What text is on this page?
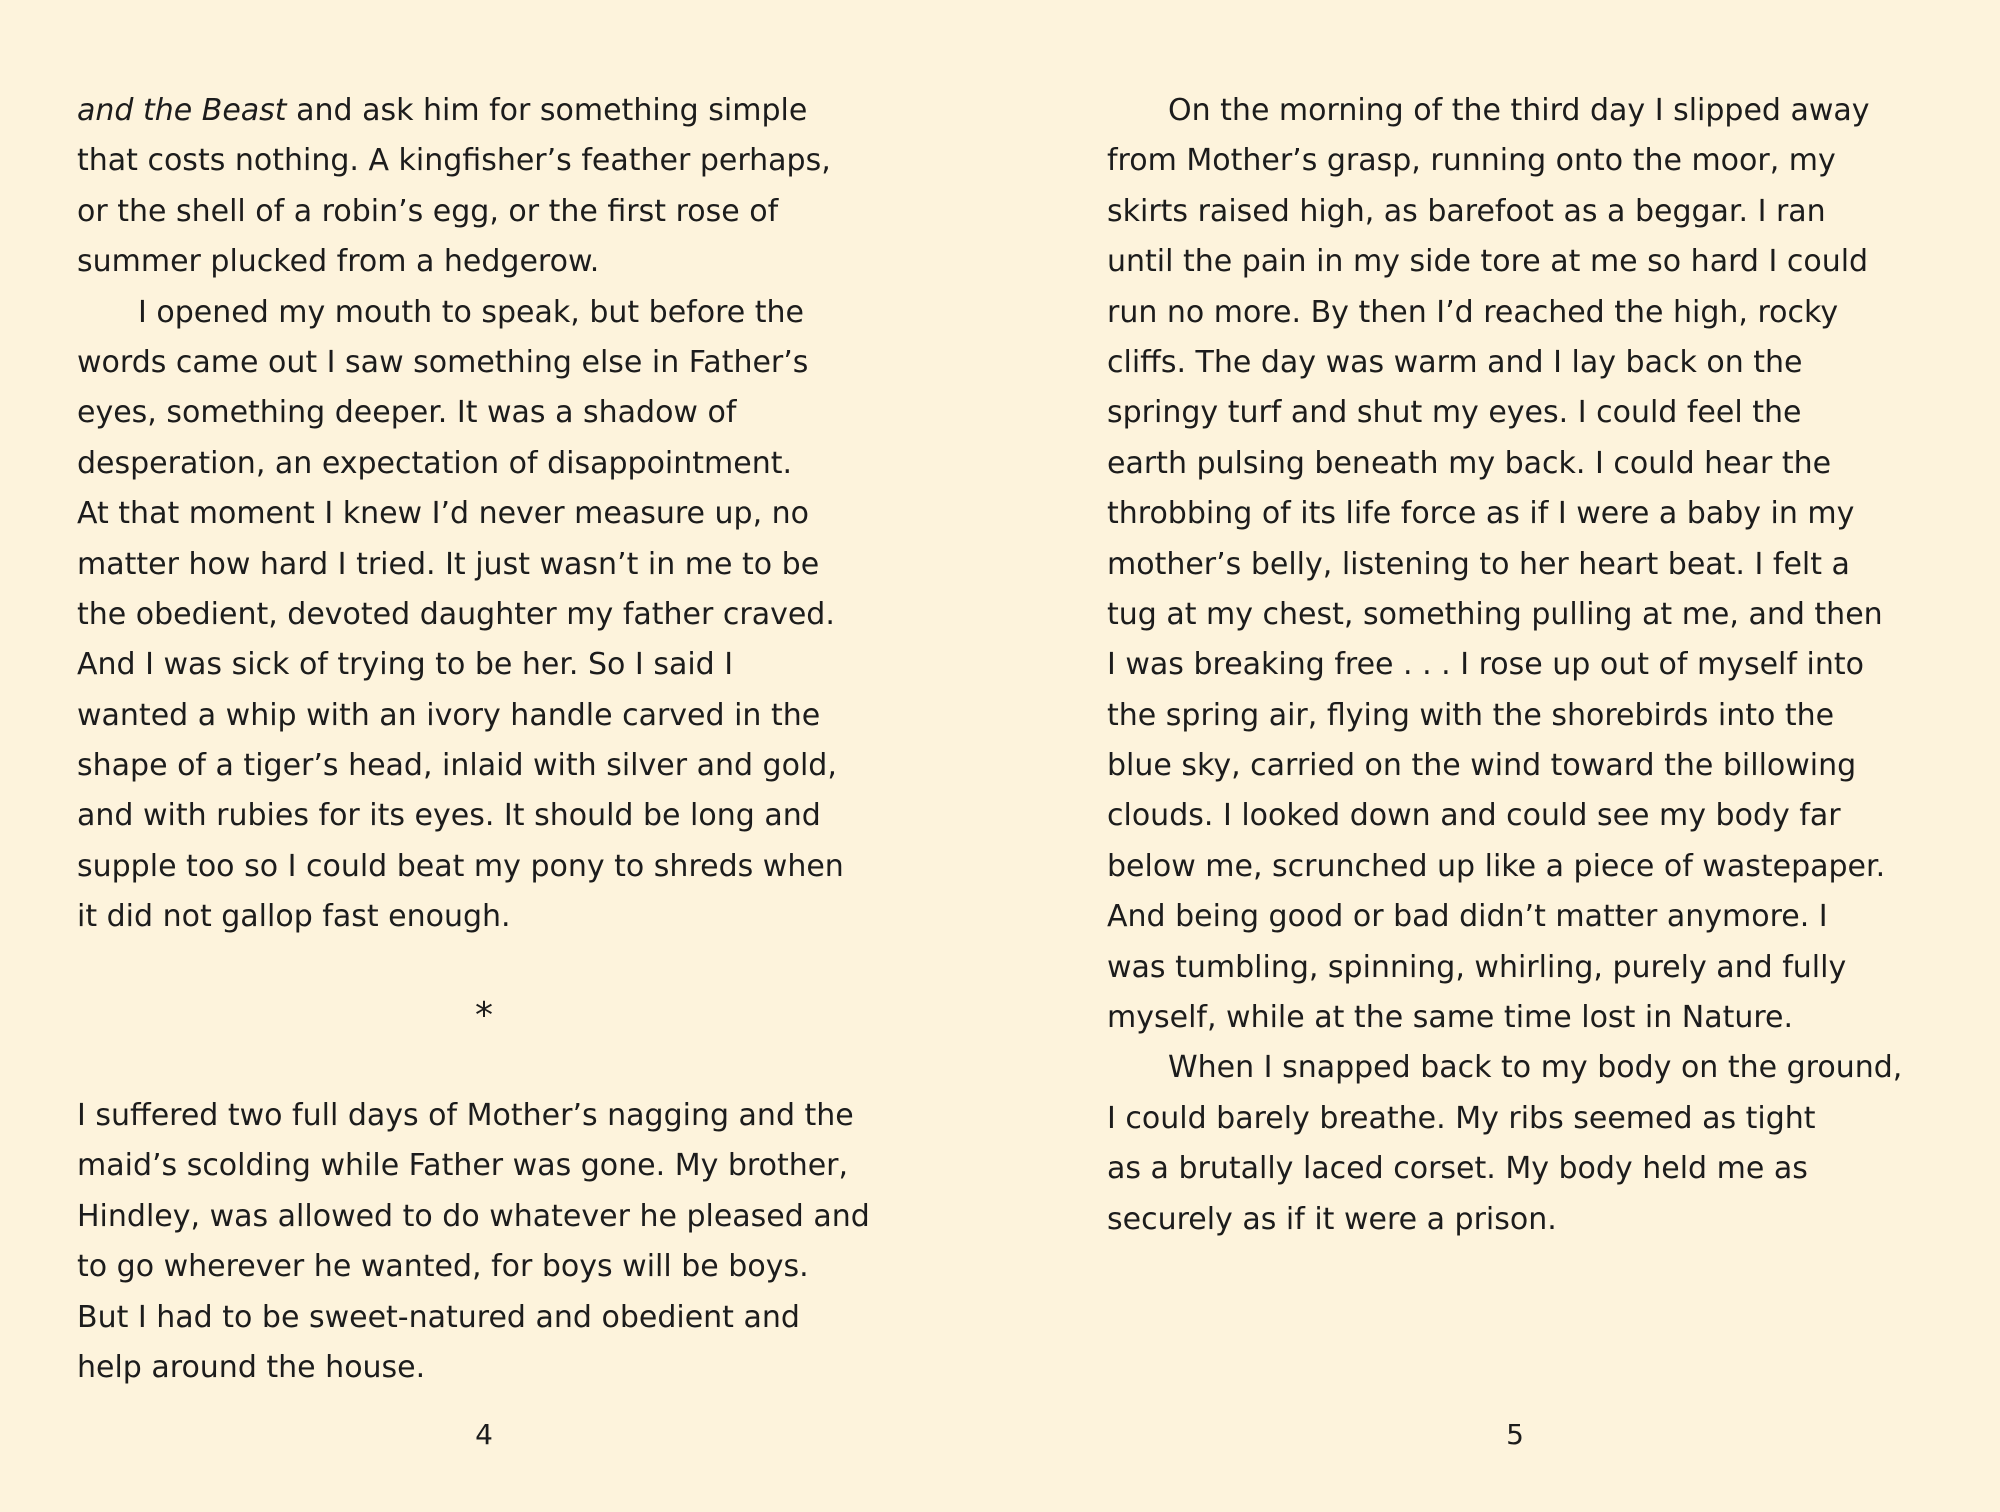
and the Beast and ask him for something simple
that costs nothing. A kingfisher’s feather perhaps,
or the shell of a robin’s egg, or the first rose of
summer plucked from a hedgerow.
I opened my mouth to speak, but before the
words came out I saw something else in Father’s
eyes, something deeper. It was a shadow of
desperation, an expectation of disappointment.
At that moment I knew I’d never measure up, no
matter how hard I tried. It just wasn’t in me to be
the obedient, devoted daughter my father craved.
And I was sick of trying to be her. So I said I
wanted a whip with an ivory handle carved in the
shape of a tiger’s head, inlaid with silver and gold,
and with rubies for its eyes. It should be long and
supple too so I could beat my pony to shreds when
it did not gallop fast enough.
*
I suffered two full days of Mother’s nagging and the
maid’s scolding while Father was gone. My brother,
Hindley, was allowed to do whatever he pleased and
to go wherever he wanted, for boys will be boys.
But I had to be sweet-natured and obedient and
help around the house.
4
On the morning of the third day I slipped away
from Mother’s grasp, running onto the moor, my
skirts raised high, as barefoot as a beggar. I ran
until the pain in my side tore at me so hard I could
run no more. By then I’d reached the high, rocky
cliffs. The day was warm and I lay back on the
springy turf and shut my eyes. I could feel the
earth pulsing beneath my back. I could hear the
throbbing of its life force as if I were a baby in my
mother’s belly, listening to her heart beat. I felt a
tug at my chest, something pulling at me, and then
I was breaking free . . . I rose up out of myself into
the spring air, flying with the shorebirds into the
blue sky, carried on the wind toward the billowing
clouds. I looked down and could see my body far
below me, scrunched up like a piece of wastepaper.
And being good or bad didn’t matter anymore. I
was tumbling, spinning, whirling, purely and fully
myself, while at the same time lost in Nature.
When I snapped back to my body on the ground,
I could barely breathe. My ribs seemed as tight
as a brutally laced corset. My body held me as
securely as if it were a prison.
5
